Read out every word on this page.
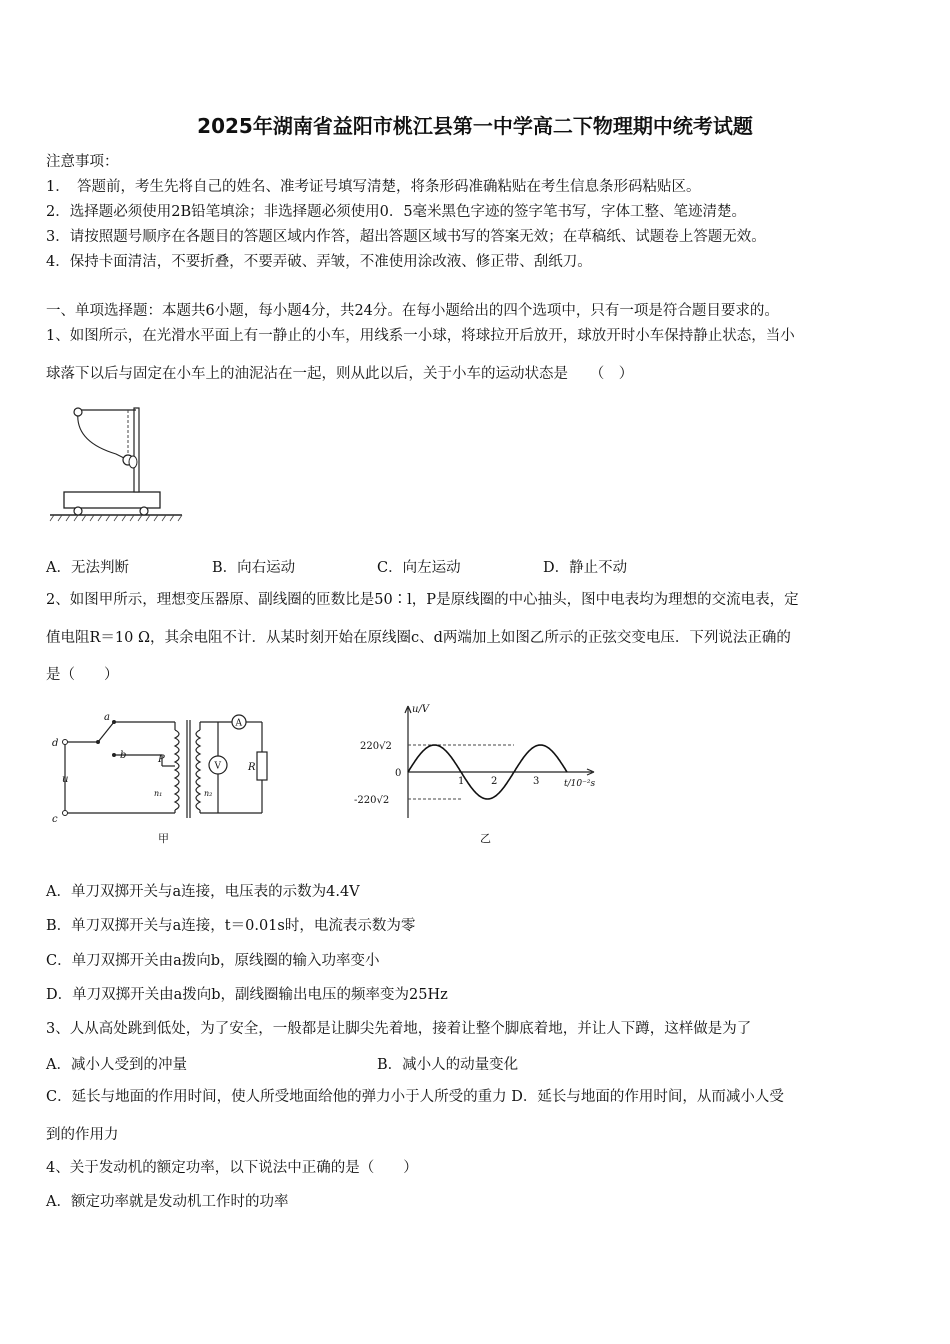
2025年湖南省益阳市桃江县第一中学高二下物理期中统考试题
注意事项：
1．　答题前，考生先将自己的姓名、准考证号填写清楚，将条形码准确粘贴在考生信息条形码粘贴区。
2．选择题必须使用2B铅笔填涂；非选择题必须使用0．5毫米黑色字迹的签字笔书写，字体工整、笔迹清楚。
3．请按照题号顺序在各题目的答题区域内作答，超出答题区域书写的答案无效；在草稿纸、试题卷上答题无效。
4．保持卡面清洁，不要折叠，不要弄破、弄皱，不准使用涂改液、修正带、刮纸刀。
一、单项选择题：本题共6小题，每小题4分，共24分。在每小题给出的四个选项中，只有一项是符合题目要求的。
1、如图所示，在光滑水平面上有一静止的小车，用线系一小球，将球拉开后放开，球放开时小车保持静止状态，当小
球落下以后与固定在小车上的油泥沾在一起，则从此以后，关于小车的运动状态是　　（　）
A．无法判断	B．向右运动	C．向左运动	D．静止不动
2、如图甲所示，理想变压器原、副线圈的匝数比是50∶l，P是原线圈的中心抽头，图中电表均为理想的交流电表，定
值电阻R＝10 Ω，其余电阻不计．从某时刻开始在原线圈c、d两端加上如图乙所示的正弦交变电压．下列说法正确的
是（　　）
a
b
c
d
u
P
R
n₁	n₂
A
V
甲
u/V
220√2
0
-220√2
1	2	3	t/10⁻²s
乙
A．单刀双掷开关与a连接，电压表的示数为4.4V
B．单刀双掷开关与a连接，t＝0.01s时，电流表示数为零
C．单刀双掷开关由a拨向b，原线圈的输入功率变小
D．单刀双掷开关由a拨向b，副线圈输出电压的频率变为25Hz
3、人从高处跳到低处，为了安全，一般都是让脚尖先着地，接着让整个脚底着地，并让人下蹲，这样做是为了
A．减小人受到的冲量	B．减小人的动量变化
C．延长与地面的作用时间，使人所受地面给他的弹力小于人所受的重力 D．延长与地面的作用时间，从而减小人受
到的作用力
4、关于发动机的额定功率，以下说法中正确的是（　　）
A．额定功率就是发动机工作时的功率
